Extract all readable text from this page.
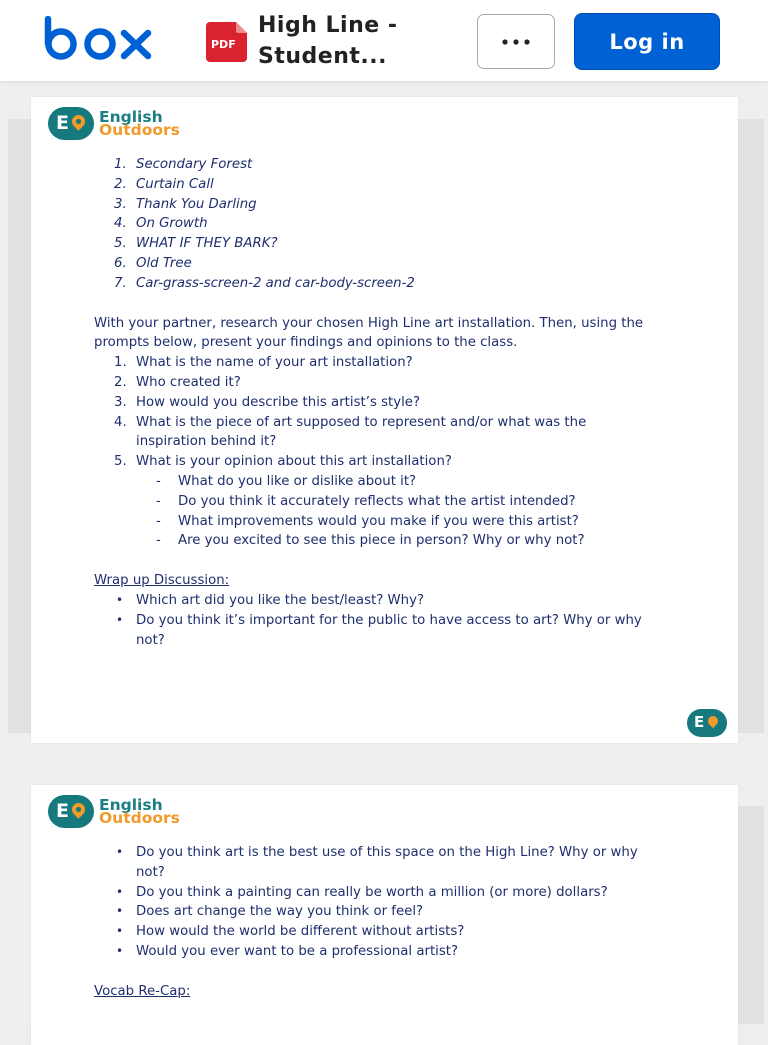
PDF
High Line -
Student...
Log in
E English
Outdoors
1. Secondary Forest
2. Curtain Call
3. Thank You Darling
4. On Growth
5. WHAT IF THEY BARK?
6. Old Tree
7. Car-grass-screen-2 and car-body-screen-2

With your partner, research your chosen High Line art installation. Then, using the prompts below, present your findings and opinions to the class.

1. What is the name of your art installation?
2. Who created it?
3. How would you describe this artist’s style?
4. What is the piece of art supposed to represent and/or what was the inspiration behind it?
5. What is your opinion about this art installation?
- What do you like or dislike about it?
- Do you think it accurately reflects what the artist intended?
- What improvements would you make if you were this artist?
- Are you excited to see this piece in person? Why or why not?

Wrap up Discussion:

• Which art did you like the best/least? Why?
• Do you think it’s important for the public to have access to art? Why or why not?
E
E English
Outdoors
• Do you think art is the best use of this space on the High Line? Why or why not?
• Do you think a painting can really be worth a million (or more) dollars?
• Does art change the way you think or feel?
• How would the world be different without artists?
• Would you ever want to be a professional artist?

Vocab Re-Cap:
